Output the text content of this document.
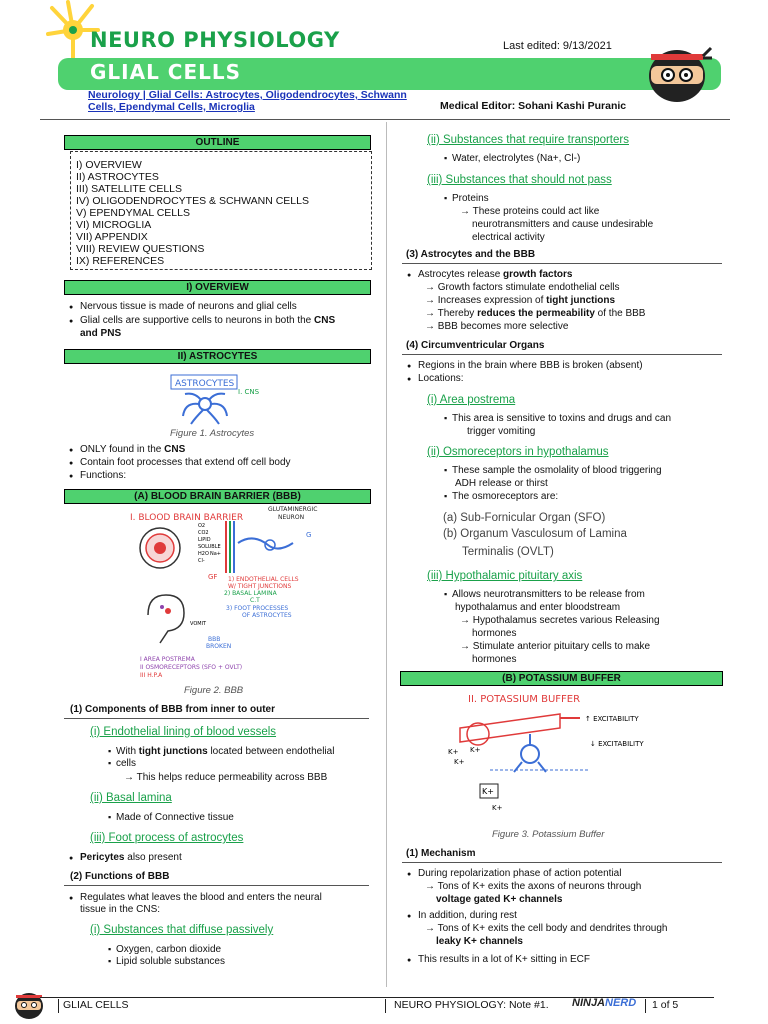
NEURO PHYSIOLOGY
GLIAL CELLS
Last edited: 9/13/2021
Neurology | Glial Cells: Astrocytes, Oligodendrocytes, Schwann
Cells, Ependymal Cells, Microglia	Medical Editor: Sohani Kashi Puranic
OUTLINE
I) OVERVIEW
II) ASTROCYTES
III) SATELLITE CELLS
IV) OLIGODENDROCYTES & SCHWANN CELLS
V) EPENDYMAL CELLS
VI) MICROGLIA
VII) APPENDIX
VIII) REVIEW QUESTIONS
IX) REFERENCES
I) OVERVIEW
● Nervous tissue is made of neurons and glial cells
● Glial cells are supportive cells to neurons in both the CNS
and PNS
II) ASTROCYTES
ASTROCYTES
I. CNS
Figure 1. Astrocytes
● ONLY found in the CNS
● Contain foot processes that extend off cell body
● Functions:
(A) BLOOD BRAIN BARRIER (BBB)
I. BLOOD BRAIN BARRIER
GLUTAMINERGIC
NEURON
O2
CO2
LIPID
SOLUBLE
H2O Na+
Cl-
G
GF 1) ENDOTHELIAL CELLS
W/ TIGHT JUNCTIONS
2) BASAL LAMINA
C.T
3) FOOT PROCESSES
OF ASTROCYTES
VOMIT
BBB
BROKEN
I AREA POSTREMA
II OSMORECEPTORS (SFO + OVLT)
III H.P.A
Figure 2. BBB
(1) Components of BBB from inner to outer
(i) Endothelial lining of blood vessels
▪ With tight junctions located between endothelial
▪ cells
→ This helps reduce permeability across BBB
(ii) Basal lamina
▪ Made of Connective tissue
(iii) Foot process of astrocytes
● Pericytes also present
(2) Functions of BBB
● Regulates what leaves the blood and enters the neural
tissue in the CNS:
(i) Substances that diffuse passively
▪ Oxygen, carbon dioxide
▪ Lipid soluble substances
(ii) Substances that require transporters
▪ Water, electrolytes (Na+, Cl-)
(iii) Substances that should not pass
▪ Proteins
→ These proteins could act like
neurotransmitters and cause undesirable
electrical activity
(3) Astrocytes and the BBB
● Astrocytes release growth factors
→ Growth factors stimulate endothelial cells
→ Increases expression of tight junctions
→ Thereby reduces the permeability of the BBB
→ BBB becomes more selective
(4) Circumventricular Organs
● Regions in the brain where BBB is broken (absent)
● Locations:
(i) Area postrema
▪ This area is sensitive to toxins and drugs and can
trigger vomiting
(ii) Osmoreceptors in hypothalamus
▪ These sample the osmolality of blood triggering
ADH release or thirst
▪ The osmoreceptors are:
(a) Sub-Fornicular Organ (SFO)
(b) Organum Vasculosum of Lamina
Terminalis (OVLT)
(iii) Hypothalamic pituitary axis
▪ Allows neurotransmitters to be release from
hypothalamus and enter bloodstream
→ Hypothalamus secretes various Releasing
hormones
→ Stimulate anterior pituitary cells to make
hormones
(B) POTASSIUM BUFFER
II. POTASSIUM BUFFER
↑ EXCITABILITY
↓ EXCITABILITY
K+ K+
K+
K+
K+
Figure 3. Potassium Buffer
(1) Mechanism
● During repolarization phase of action potential
→ Tons of K+ exits the axons of neurons through
voltage gated K+ channels
● In addition, during rest
→ Tons of K+ exits the cell body and dendrites through
leaky K+ channels
● This results in a lot of K+ sitting in ECF
GLIAL CELLS	NEURO PHYSIOLOGY: Note #1. NINJANERD 1 of 5
